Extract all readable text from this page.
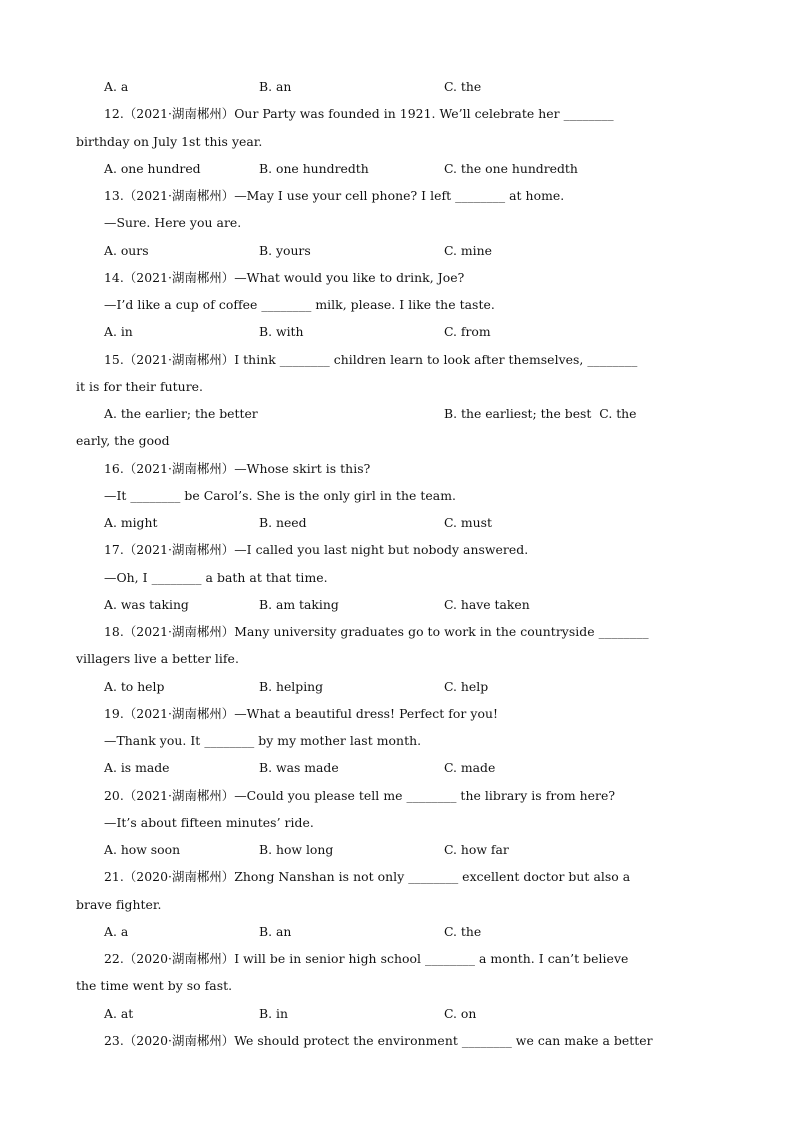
A. a	B. an	C. the
12.（2021·湖南郴州）Our Party was founded in 1921. We’ll celebrate her ________
birthday on July 1st this year.
A. one hundred	B. one hundredth	C. the one hundredth
13.（2021·湖南郴州）—May I use your cell phone? I left ________ at home.
—Sure. Here you are.
A. ours	B. yours	C. mine
14.（2021·湖南郴州）—What would you like to drink, Joe?
—I’d like a cup of coffee ________ milk, please. I like the taste.
A. in	B. with	C. from
15.（2021·湖南郴州）I think ________ children learn to look after themselves, ________
it is for their future.
A. the earlier; the better	B. the earliest; the best  C. the
early, the good
16.（2021·湖南郴州）—Whose skirt is this?
—It ________ be Carol’s. She is the only girl in the team.
A. might	B. need	C. must
17.（2021·湖南郴州）—I called you last night but nobody answered.
—Oh, I ________ a bath at that time.
A. was taking	B. am taking	C. have taken
18.（2021·湖南郴州）Many university graduates go to work in the countryside ________
villagers live a better life.
A. to help	B. helping	C. help
19.（2021·湖南郴州）—What a beautiful dress! Perfect for you!
—Thank you. It ________ by my mother last month.
A. is made	B. was made	C. made
20.（2021·湖南郴州）—Could you please tell me ________ the library is from here?
—It’s about fifteen minutes’ ride.
A. how soon	B. how long	C. how far
21.（2020·湖南郴州）Zhong Nanshan is not only ________ excellent doctor but also a
brave fighter.
A. a	B. an	C. the
22.（2020·湖南郴州）I will be in senior high school ________ a month. I can’t believe
the time went by so fast.
A. at	B. in	C. on
23.（2020·湖南郴州）We should protect the environment ________ we can make a better
